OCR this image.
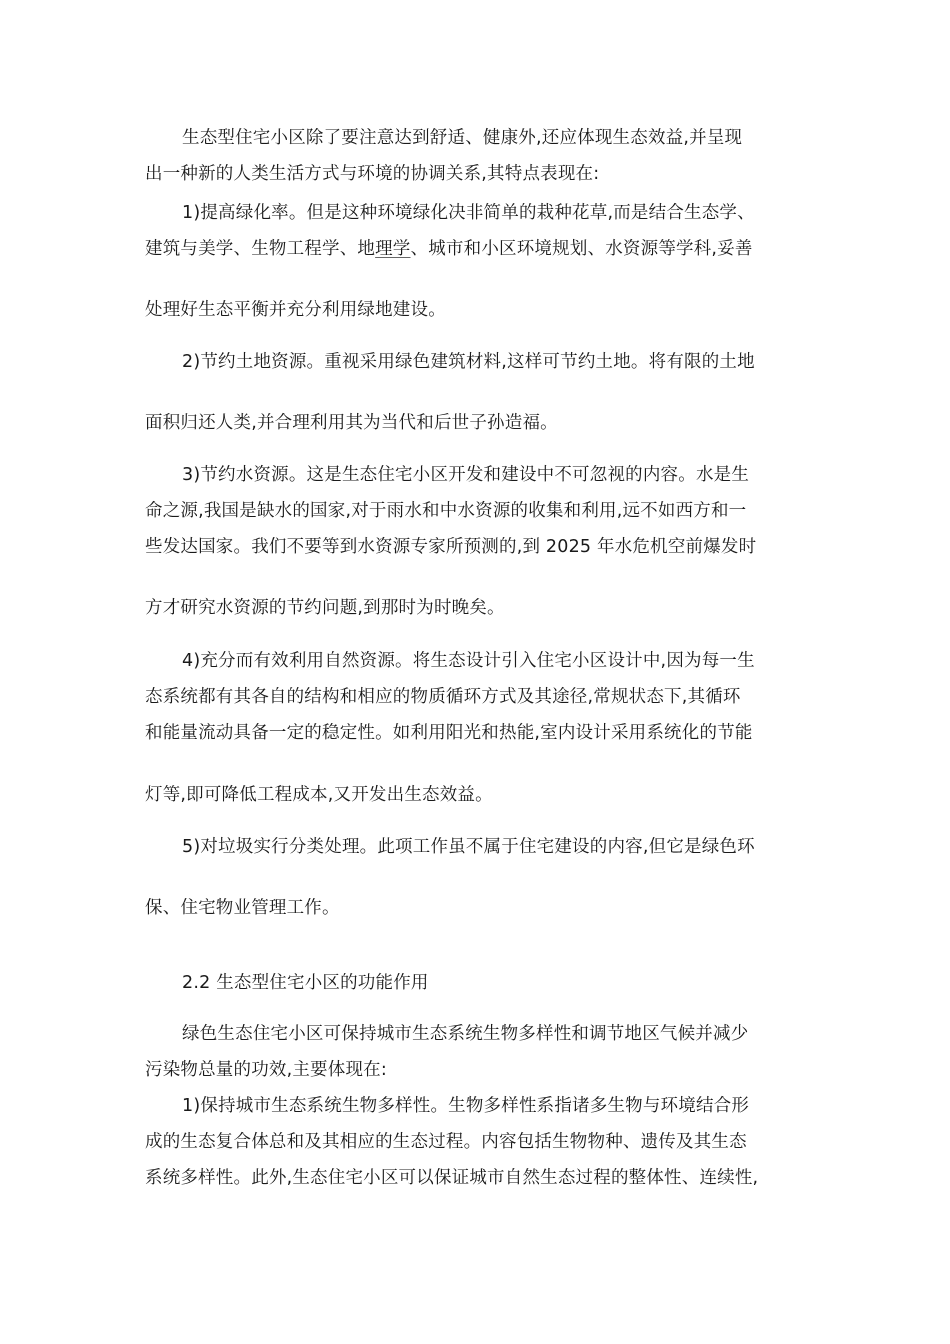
生态型住宅小区除了要注意达到舒适、健康外,还应体现生态效益,并呈现
出一种新的人类生活方式与环境的协调关系,其特点表现在:
1)提高绿化率。但是这种环境绿化决非简单的栽种花草,而是结合生态学、
建筑与美学、生物工程学、地理学、城市和小区环境规划、水资源等学科,妥善
处理好生态平衡并充分利用绿地建设。
2)节约土地资源。重视采用绿色建筑材料,这样可节约土地。将有限的土地
面积归还人类,并合理利用其为当代和后世子孙造福。
3)节约水资源。这是生态住宅小区开发和建设中不可忽视的内容。水是生
命之源,我国是缺水的国家,对于雨水和中水资源的收集和利用,远不如西方和一
些发达国家。我们不要等到水资源专家所预测的,到 2025 年水危机空前爆发时
方才研究水资源的节约问题,到那时为时晚矣。
4)充分而有效利用自然资源。将生态设计引入住宅小区设计中,因为每一生
态系统都有其各自的结构和相应的物质循环方式及其途径,常规状态下,其循环
和能量流动具备一定的稳定性。如利用阳光和热能,室内设计采用系统化的节能
灯等,即可降低工程成本,又开发出生态效益。
5)对垃圾实行分类处理。此项工作虽不属于住宅建设的内容,但它是绿色环
保、住宅物业管理工作。
2.2 生态型住宅小区的功能作用
绿色生态住宅小区可保持城市生态系统生物多样性和调节地区气候并减少
污染物总量的功效,主要体现在:
1)保持城市生态系统生物多样性。生物多样性系指诸多生物与环境结合形
成的生态复合体总和及其相应的生态过程。内容包括生物物种、遗传及其生态
系统多样性。此外,生态住宅小区可以保证城市自然生态过程的整体性、连续性,
